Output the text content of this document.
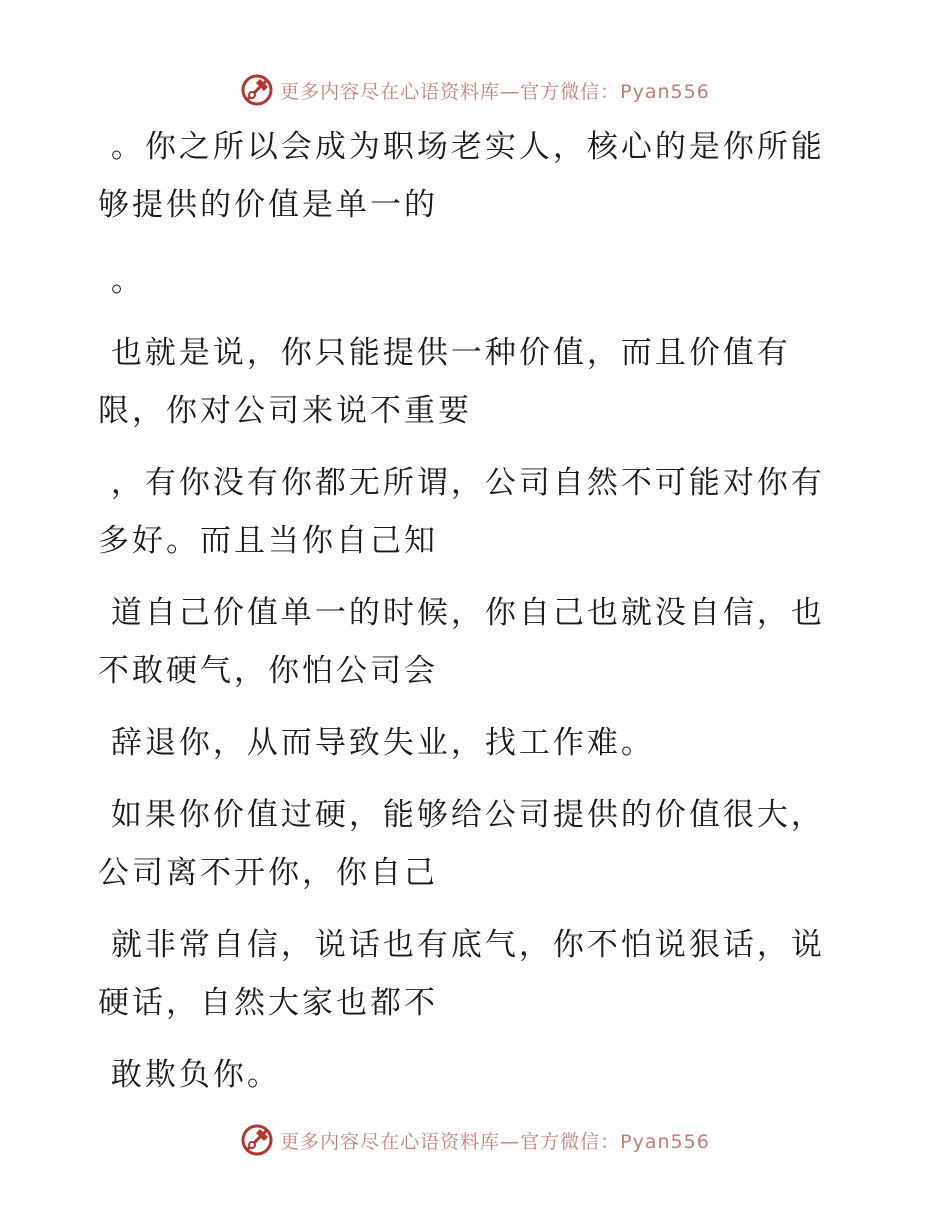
更多内容尽在心语资料库—官方微信：Pyan556

。你之所以会成为职场老实人，核心的是你所能够提供的价值是单一的

。

也就是说，你只能提供一种价值，而且价值有限，你对公司来说不重要

，有你没有你都无所谓，公司自然不可能对你有多好。而且当你自己知

道自己价值单一的时候，你自己也就没自信，也不敢硬气，你怕公司会

辞退你，从而导致失业，找工作难。

如果你价值过硬，能够给公司提供的价值很大，公司离不开你，你自己

就非常自信，说话也有底气，你不怕说狠话，说硬话，自然大家也都不

敢欺负你。

更多内容尽在心语资料库—官方微信：Pyan556
